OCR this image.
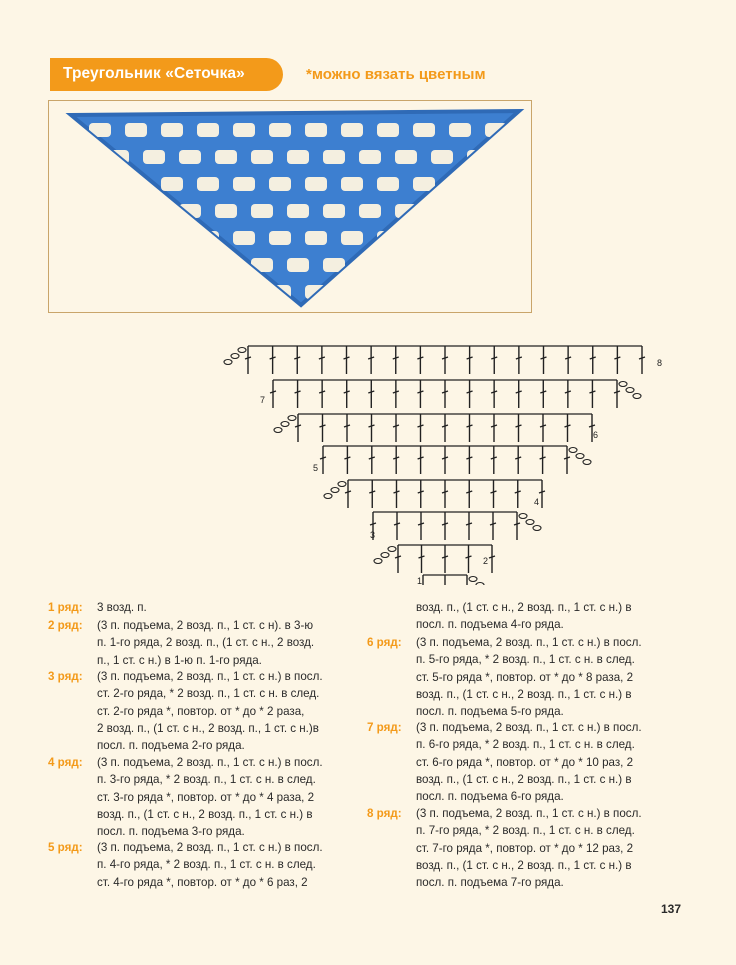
Треугольник «Сеточка»	*можно вязать цветным
1
2
3
4
5
6
7
8
1 ряд: 3 возд. п.
2 ряд: (3 п. подъема, 2 возд. п., 1 ст. с н). в 3-ю
п. 1-го ряда, 2 возд. п., (1 ст. с н., 2 возд.
п., 1 ст. с н.) в 1-ю п. 1-го ряда.
3 ряд: (3 п. подъема, 2 возд. п., 1 ст. с н.) в посл.
ст. 2-го ряда, * 2 возд. п., 1 ст. с н. в след.
ст. 2-го ряда *, повтор. от * до * 2 раза,
2 возд. п., (1 ст. с н., 2 возд. п., 1 ст. с н.)в
посл. п. подъема 2-го ряда.
4 ряд: (3 п. подъема, 2 возд. п., 1 ст. с н.) в посл.
п. 3-го ряда, * 2 возд. п., 1 ст. с н. в след.
ст. 3-го ряда *, повтор. от * до * 4 раза, 2
возд. п., (1 ст. с н., 2 возд. п., 1 ст. с н.) в
посл. п. подъема 3-го ряда.
5 ряд: (3 п. подъема, 2 возд. п., 1 ст. с н.) в посл.
п. 4-го ряда, * 2 возд. п., 1 ст. с н. в след.
ст. 4-го ряда *, повтор. от * до * 6 раз, 2
возд. п., (1 ст. с н., 2 возд. п., 1 ст. с н.) в
посл. п. подъема 4-го ряда.
6 ряд: (3 п. подъема, 2 возд. п., 1 ст. с н.) в посл.
п. 5-го ряда, * 2 возд. п., 1 ст. с н. в след.
ст. 5-го ряда *, повтор. от * до * 8 раза, 2
возд. п., (1 ст. с н., 2 возд. п., 1 ст. с н.) в
посл. п. подъема 5-го ряда.
7 ряд: (3 п. подъема, 2 возд. п., 1 ст. с н.) в посл.
п. 6-го ряда, * 2 возд. п., 1 ст. с н. в след.
ст. 6-го ряда *, повтор. от * до * 10 раз, 2
возд. п., (1 ст. с н., 2 возд. п., 1 ст. с н.) в
посл. п. подъема 6-го ряда.
8 ряд: (3 п. подъема, 2 возд. п., 1 ст. с н.) в посл.
п. 7-го ряда, * 2 возд. п., 1 ст. с н. в след.
ст. 7-го ряда *, повтор. от * до * 12 раз, 2
возд. п., (1 ст. с н., 2 возд. п., 1 ст. с н.) в
посл. п. подъема 7-го ряда.
137
